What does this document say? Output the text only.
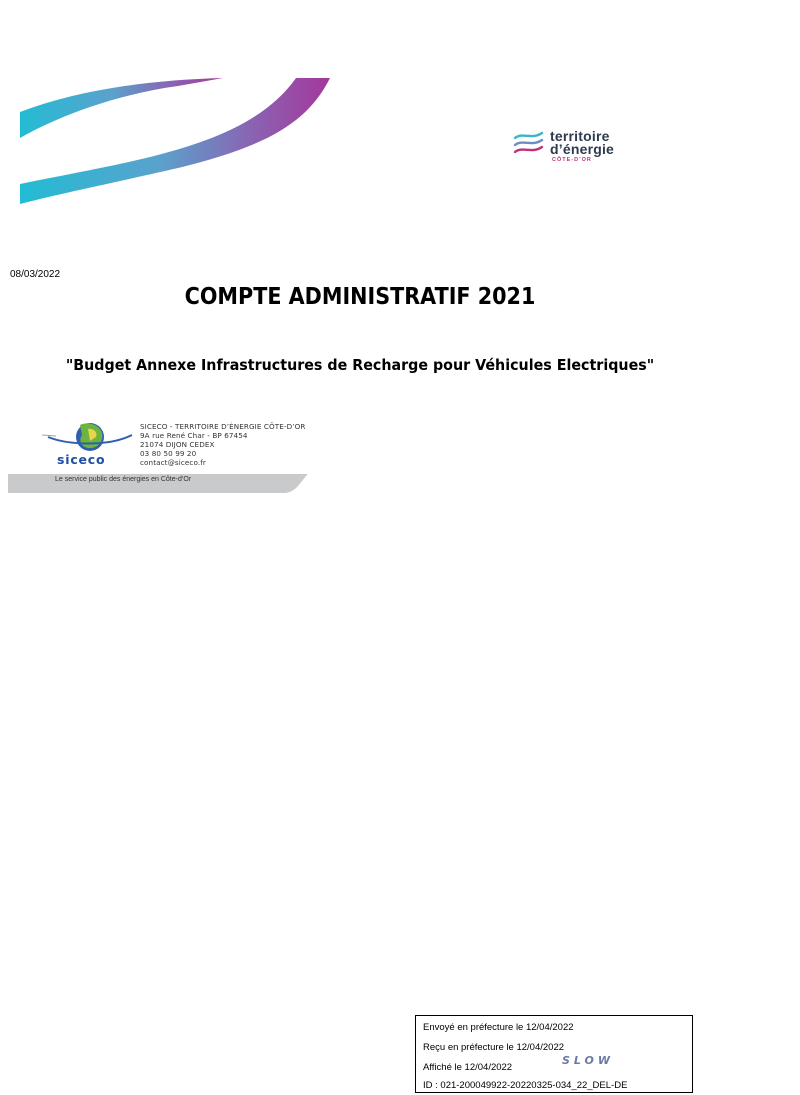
territoire
d’énergie
CÔTE-D’OR
08/03/2022
COMPTE ADMINISTRATIF 2021
"Budget Annexe Infrastructures de Recharge pour Véhicules Electriques"
Le service public des énergies en Côte-d’Or
siceco
SICECO - TERRITOIRE D’ÉNERGIE CÔTE-D’OR
9A rue René Char - BP 67454
21074 DIJON CEDEX
03 80 50 99 20
contact@siceco.fr
Envoyé en préfecture le 12/04/2022
Reçu en préfecture le 12/04/2022
Affiché le 12/04/2022
SLOW
ID : 021-200049922-20220325-034_22_DEL-DE
